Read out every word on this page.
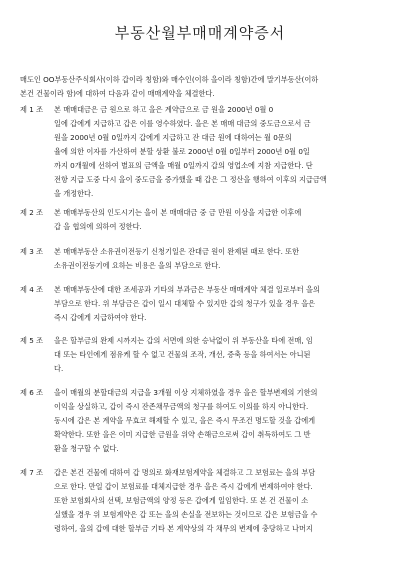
부동산월부매매계약증서
매도인 OO부동산주식회사(이하 갑이라 칭함)와 매수인(이하 을이라 칭함)간에 말기부동산(이하
본건 건물이라 함)에 대하여 다음과 같이 매매계약을 체결한다.
제 1 조	본 매매대금은 금 원으로 하고 을은 계약금으로 금 원을 2000년 0월 0
일에 갑에게 지급하고 갑은 이를 영수하였다. 을은 본 매매 대금의 중도금으로서 금
원을 2000년 0월 0일까지 갑에게 지급하고 잔 대금 원에 대하여는 월 0문의
율에 의한 이자를 가산하여 분할 상환 불로 2000년 0월 0일부터 2000년 0월 0일
까지 0개월에 선하여 별표의 금액을 매월 0일까지 갑의 영업소에 지참 지급한다. 단
전항 지급 도중 다시 을이 중도금을 증가했을 때 갑은 그 정산을 행하여 이후의 지급금액
을 개정한다.
제 2 조	본 매매부동산의 인도시기는 을이 본 매매대금 중 금 만원 이상을 지급한 이후에
갑 을 협의에 의하여 정한다.
제 3 조	본 매매부동산 소유권이전등기 신청기일은 잔대금 원이 완제된 때로 한다. 또한
소유권이전등기에 요하는 비용은 을의 부담으로 한다.
제 4 조	본 매매부동산에 대한 조세공과 기타의 부과금은 부동산 매매계약 체결 일로부터 을의
부담으로 한다. 위 부담금은 갑이 일시 대체할 수 있지만 갑의 청구가 있을 경우 을은
즉시 갑에게 지급하여야 한다.
제 5 조	을은 할부금의 완제 시까지는 갑의 서면에 의한 승낙없이 위 부동산을 타에 전매, 임
대 또는 타인에게 점유케 할 수 없고 건물의 조작, 개선, 증축 등을 하여서는 아니된
다.
제 6 조	을이 매월의 분할대금의 지급을 3개월 이상 지체하였을 경우 을은 할부변제의 기한의
이익을 상실하고, 갑이 즉시 잔존채무금액의 청구를 하여도 이의를 하지 아니한다.
동시에 갑은 본 계약을 무효코 해제할 수 있고, 을은 즉시 무조건 명도할 것을 갑에게
확약한다. 또한 을은 이미 지급한 금원을 위약 손해금으로써 갑이 취득하여도 그 반
환을 청구할 수 없다.
제 7 조	갑은 본건 건물에 대하여 갑 명의로 화재보험계약을 체결하고 그 보험료는 을의 부담
으로 한다. 만일 갑이 보험료를 대체지급한 경우 을은 즉시 갑에게 변제하여야 한다.
또한 보험회사의 선택, 보험금액의 양정 등은 갑에게 일임한다. 또 본 건 건물이 소
실했을 경우 위 보험계약은 갑 또는 을의 손실을 전보하는 것이므로 갑은 보험금을 수
령하여, 을의 갑에 대한 할부금 기타 본 계약상의 각 채무의 변제에 충당하고 나머지
